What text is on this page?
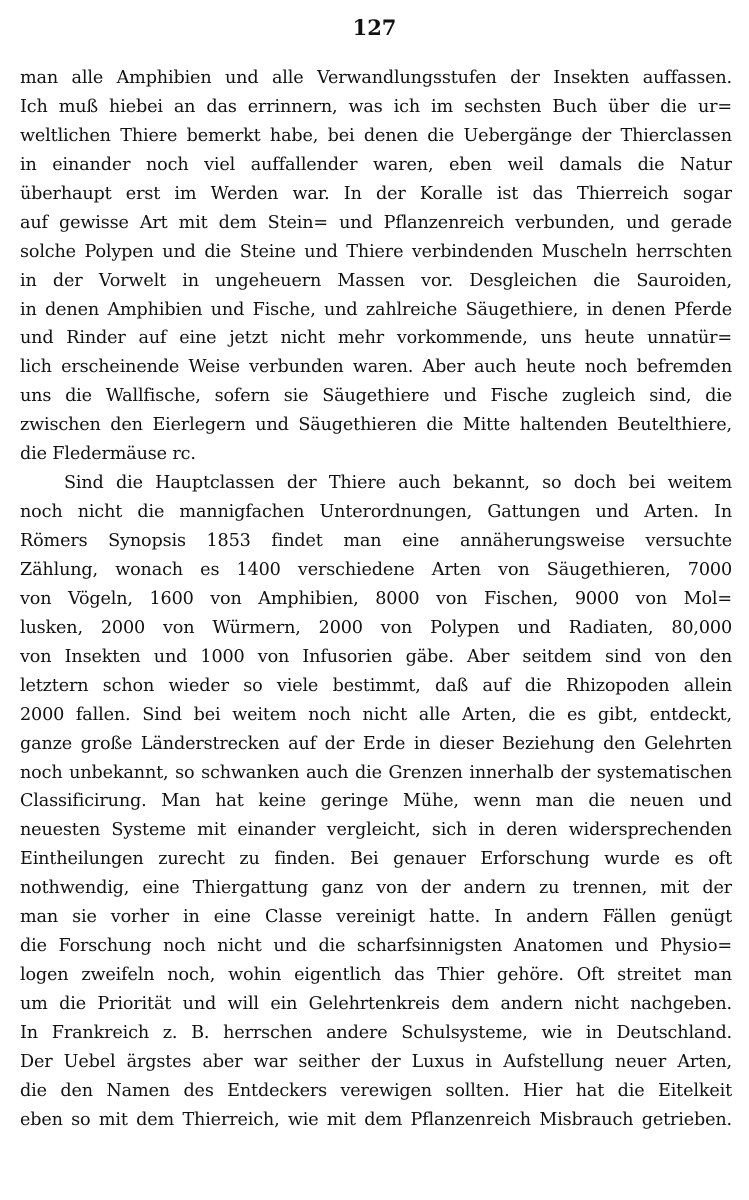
127
man alle Amphibien und alle Verwandlungsstufen der Insekten auffassen.
Ich muß hiebei an das errinnern, was ich im sechsten Buch über die ur=
weltlichen Thiere bemerkt habe, bei denen die Uebergänge der Thierclassen
in einander noch viel auffallender waren, eben weil damals die Natur
überhaupt erst im Werden war. In der Koralle ist das Thierreich sogar
auf gewisse Art mit dem Stein= und Pflanzenreich verbunden, und gerade
solche Polypen und die Steine und Thiere verbindenden Muscheln herrschten
in der Vorwelt in ungeheuern Massen vor. Desgleichen die Sauroiden,
in denen Amphibien und Fische, und zahlreiche Säugethiere, in denen Pferde
und Rinder auf eine jetzt nicht mehr vorkommende, uns heute unnatür=
lich erscheinende Weise verbunden waren. Aber auch heute noch befremden
uns die Wallfische, sofern sie Säugethiere und Fische zugleich sind, die
zwischen den Eierlegern und Säugethieren die Mitte haltenden Beutelthiere,
die Fledermäuse rc.
Sind die Hauptclassen der Thiere auch bekannt, so doch bei weitem
noch nicht die mannigfachen Unterordnungen, Gattungen und Arten. In
Römers Synopsis 1853 findet man eine annäherungsweise versuchte
Zählung, wonach es 1400 verschiedene Arten von Säugethieren, 7000
von Vögeln, 1600 von Amphibien, 8000 von Fischen, 9000 von Mol=
lusken, 2000 von Würmern, 2000 von Polypen und Radiaten, 80,000
von Insekten und 1000 von Infusorien gäbe. Aber seitdem sind von den
letztern schon wieder so viele bestimmt, daß auf die Rhizopoden allein
2000 fallen. Sind bei weitem noch nicht alle Arten, die es gibt, entdeckt,
ganze große Länderstrecken auf der Erde in dieser Beziehung den Gelehrten
noch unbekannt, so schwanken auch die Grenzen innerhalb der systematischen
Classificirung. Man hat keine geringe Mühe, wenn man die neuen und
neuesten Systeme mit einander vergleicht, sich in deren widersprechenden
Eintheilungen zurecht zu finden. Bei genauer Erforschung wurde es oft
nothwendig, eine Thiergattung ganz von der andern zu trennen, mit der
man sie vorher in eine Classe vereinigt hatte. In andern Fällen genügt
die Forschung noch nicht und die scharfsinnigsten Anatomen und Physio=
logen zweifeln noch, wohin eigentlich das Thier gehöre. Oft streitet man
um die Priorität und will ein Gelehrtenkreis dem andern nicht nachgeben.
In Frankreich z. B. herrschen andere Schulsysteme, wie in Deutschland.
Der Uebel ärgstes aber war seither der Luxus in Aufstellung neuer Arten,
die den Namen des Entdeckers verewigen sollten. Hier hat die Eitelkeit
eben so mit dem Thierreich, wie mit dem Pflanzenreich Misbrauch getrieben.
